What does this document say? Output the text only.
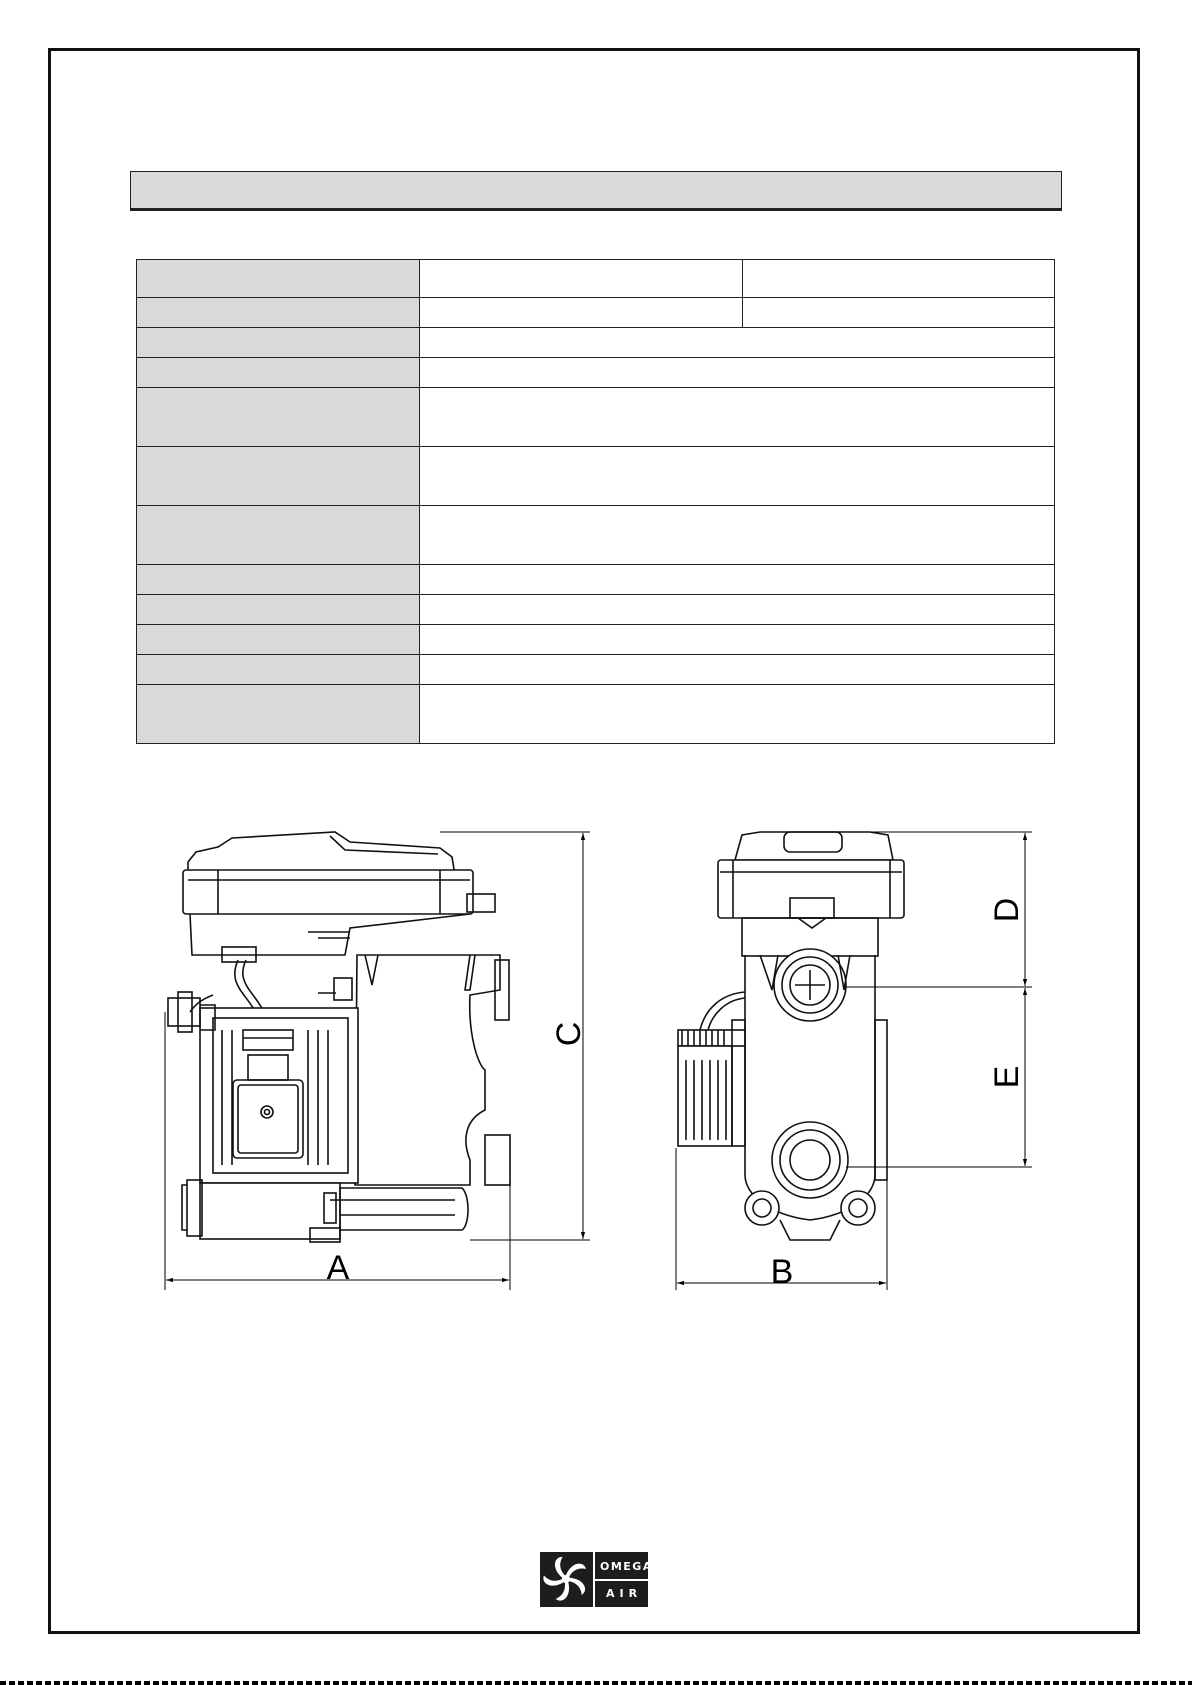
A	B
C
D
E
OMEGA
AIR
